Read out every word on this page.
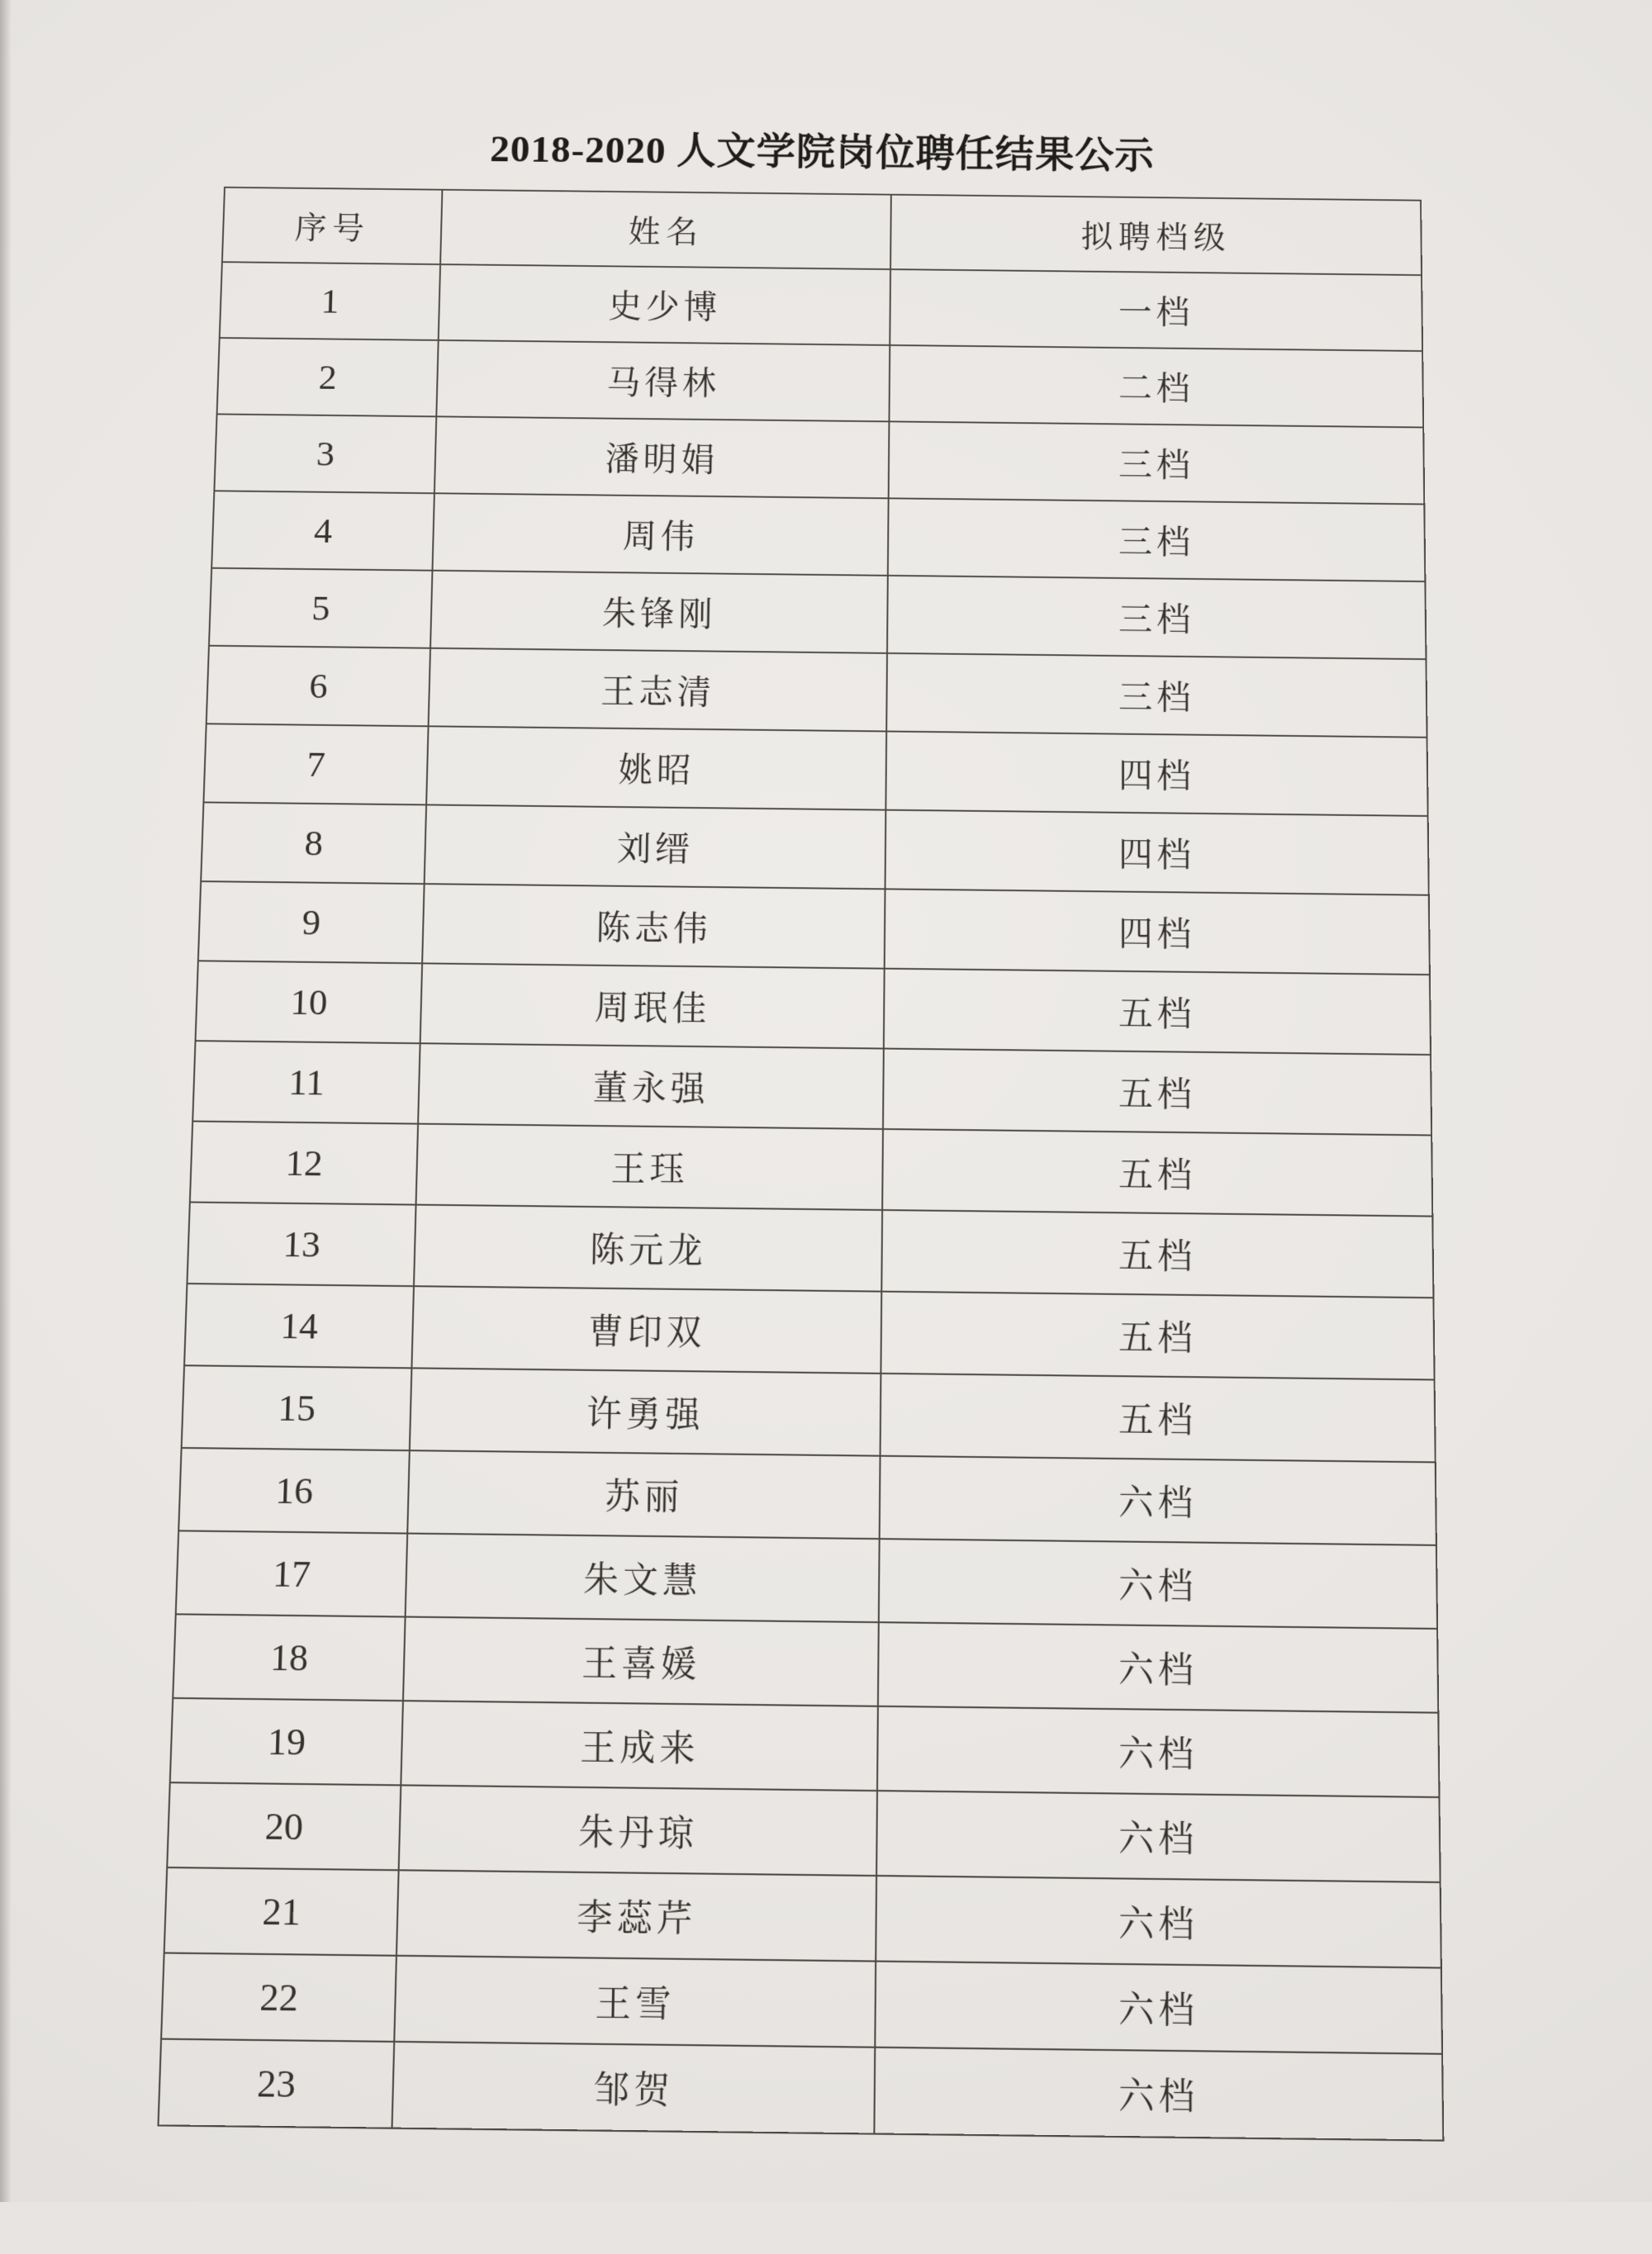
2018-2020 人文学院岗位聘任结果公示
序号	姓名	拟聘档级
1	史少博	一档
2	马得林	二档
3	潘明娟	三档
4	周伟	三档
5	朱锋刚	三档
6	王志清	三档
7	姚昭	四档
8	刘缙	四档
9	陈志伟	四档
10	周珉佳	五档
11	董永强	五档
12	王珏	五档
13	陈元龙	五档
14	曹印双	五档
15	许勇强	五档
16	苏丽	六档
17	朱文慧	六档
18	王喜媛	六档
19	王成来	六档
20	朱丹琼	六档
21	李蕊芹	六档
22	王雪	六档
23	邹贺	六档
